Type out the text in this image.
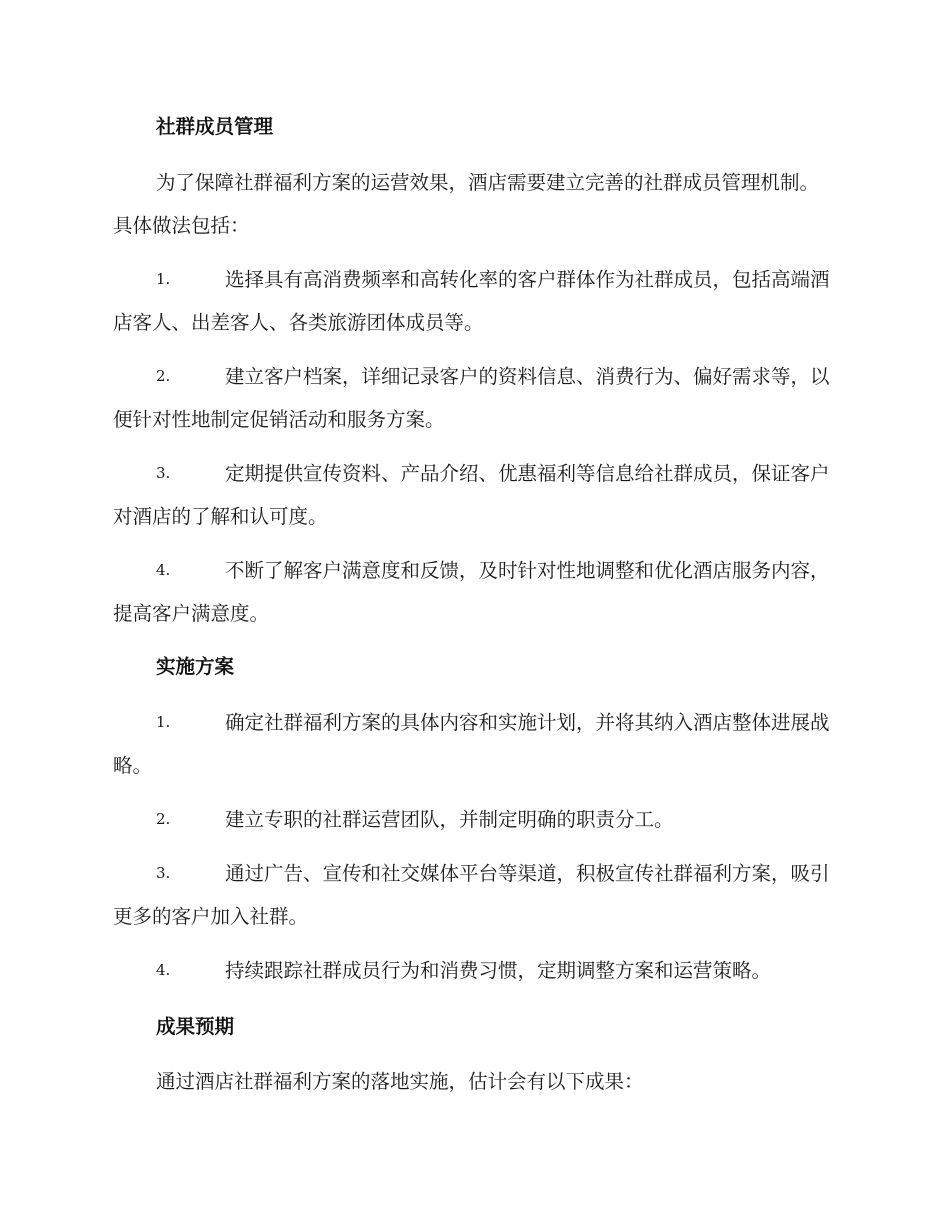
社群成员管理
为了保障社群福利方案的运营效果，酒店需要建立完善的社群成员管理机制。具体做法包括：
1.	选择具有高消费频率和高转化率的客户群体作为社群成员，包括高端酒店客人、出差客人、各类旅游团体成员等。
2.	建立客户档案，详细记录客户的资料信息、消费行为、偏好需求等，以便针对性地制定促销活动和服务方案。
3.	定期提供宣传资料、产品介绍、优惠福利等信息给社群成员，保证客户对酒店的了解和认可度。
4.	不断了解客户满意度和反馈，及时针对性地调整和优化酒店服务内容，提高客户满意度。
实施方案
1.	确定社群福利方案的具体内容和实施计划，并将其纳入酒店整体进展战略。
2.	建立专职的社群运营团队，并制定明确的职责分工。
3.	通过广告、宣传和社交媒体平台等渠道，积极宣传社群福利方案，吸引更多的客户加入社群。
4.	持续跟踪社群成员行为和消费习惯，定期调整方案和运营策略。
成果预期
通过酒店社群福利方案的落地实施，估计会有以下成果：
